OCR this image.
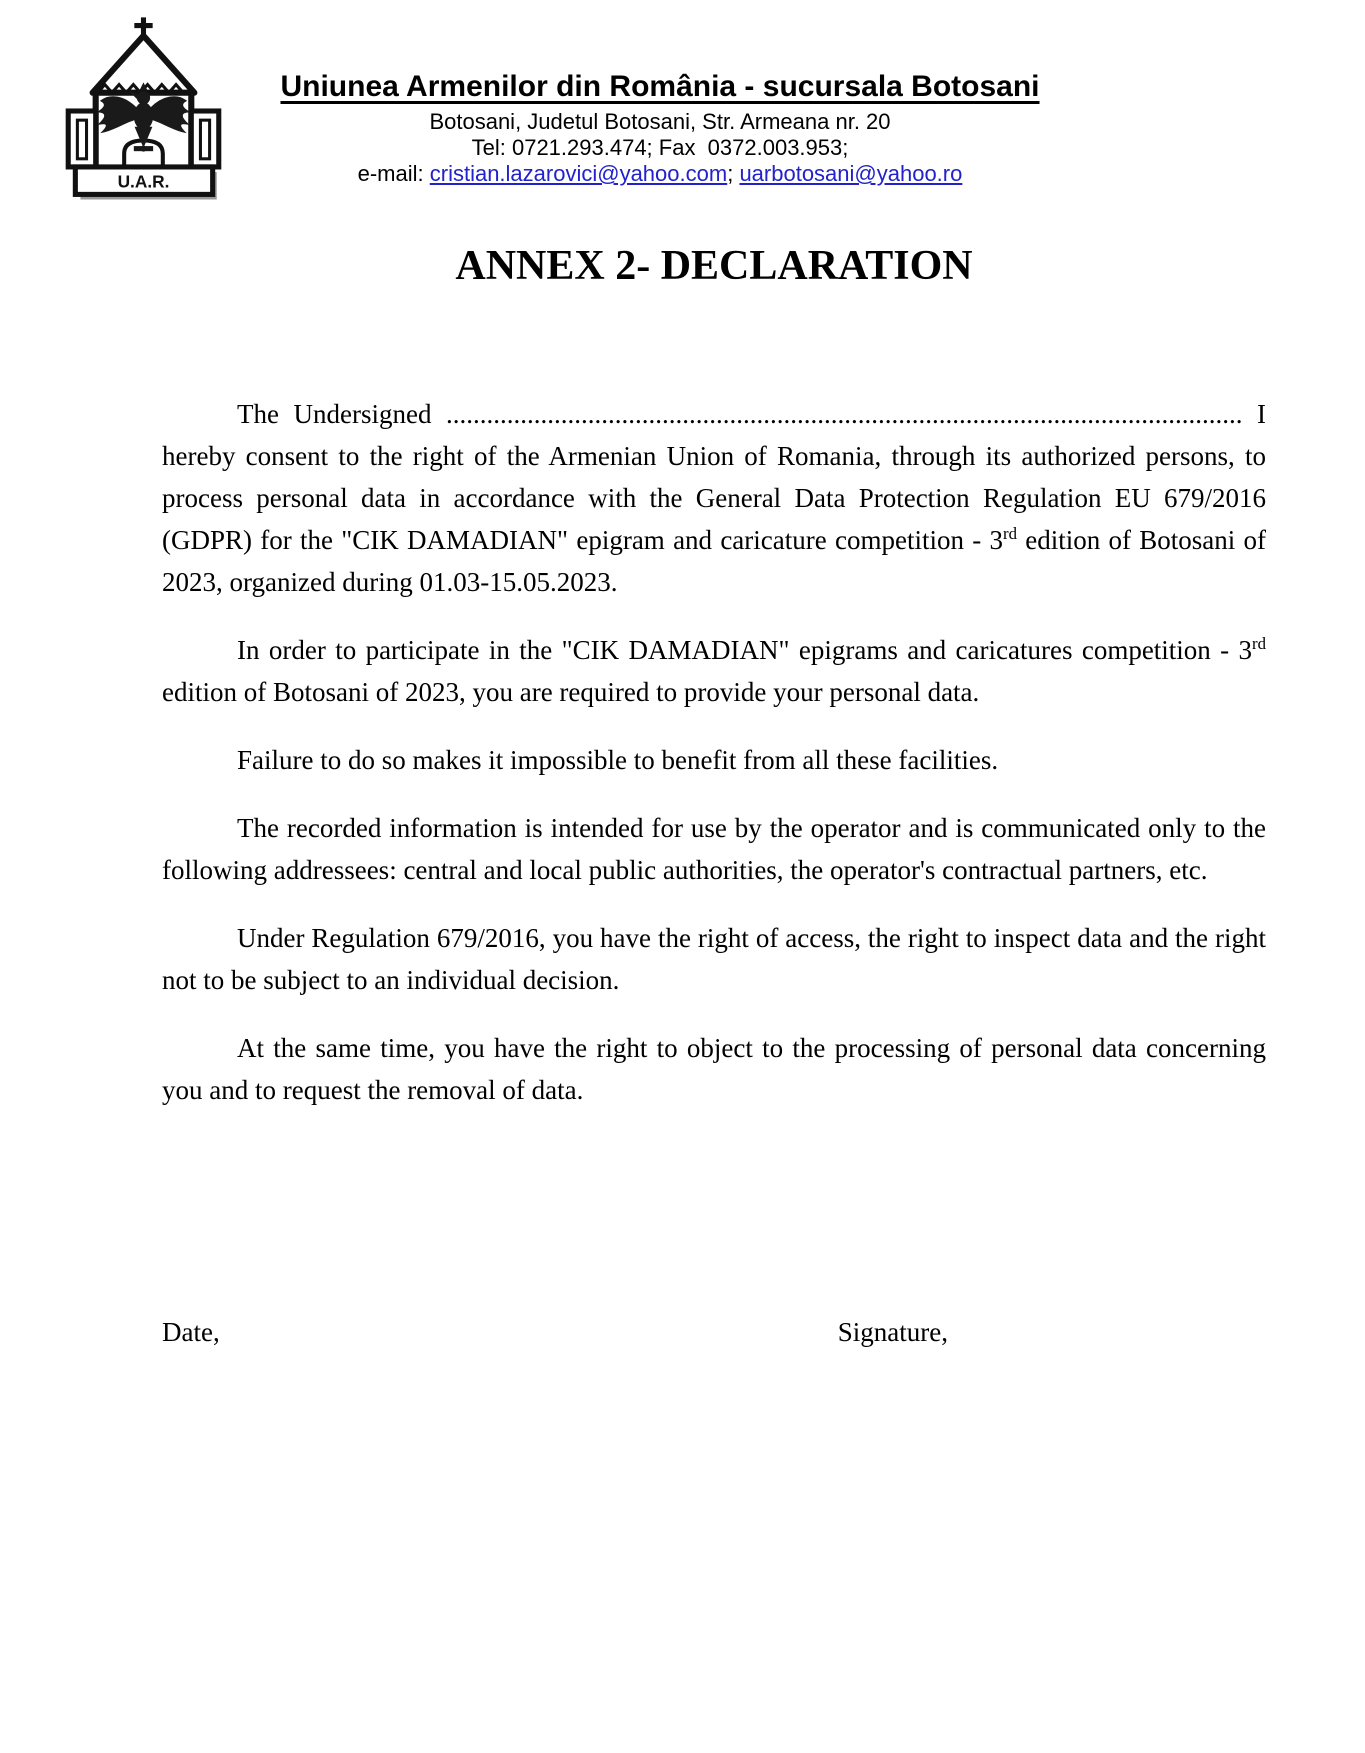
U.A.R.
Uniunea Armenilor din România - sucursala Botosani
Botosani, Judetul Botosani, Str. Armeana nr. 20
Tel: 0721.293.474; Fax  0372.003.953;
e-mail: cristian.lazarovici@yahoo.com; uarbotosani@yahoo.ro
ANNEX 2- DECLARATION

The Undersigned ...................................................................................................................... I hereby consent to the right of the Armenian Union of Romania, through its authorized persons, to process personal data in accordance with the General Data Protection Regulation EU 679/2016 (GDPR) for the "CIK DAMADIAN" epigram and caricature competition - 3rd edition of Botosani of 2023, organized during 01.03-15.05.2023.

In order to participate in the "CIK DAMADIAN" epigrams and caricatures competition - 3rd edition of Botosani of 2023, you are required to provide your personal data.

Failure to do so makes it impossible to benefit from all these facilities.

The recorded information is intended for use by the operator and is communicated only to the following addressees: central and local public authorities, the operator's contractual partners, etc.

Under Regulation 679/2016, you have the right of access, the right to inspect data and the right not to be subject to an individual decision.

At the same time, you have the right to object to the processing of personal data concerning you and to request the removal of data.

Date,	Signature,
